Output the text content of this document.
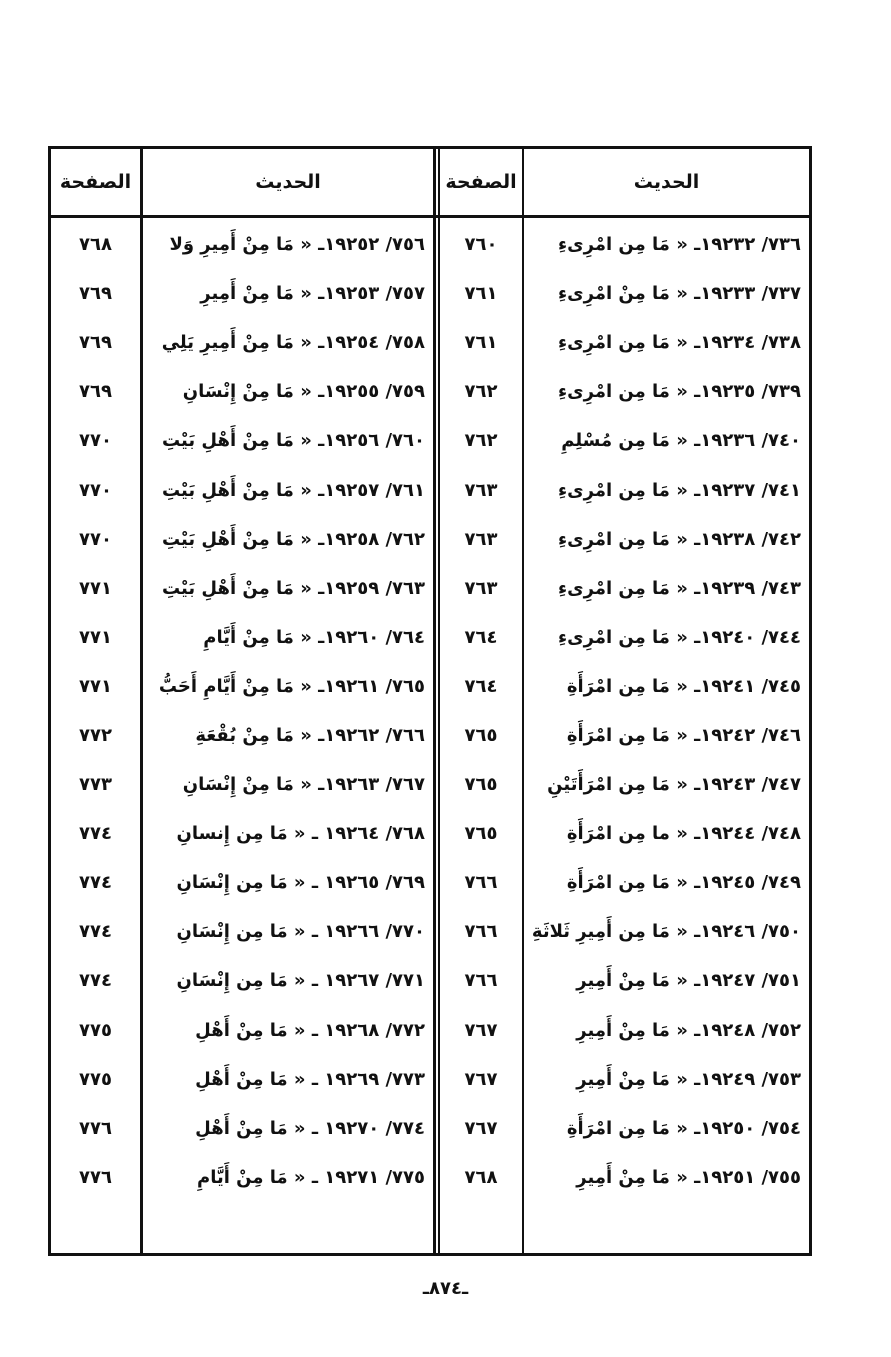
الحديث
الصفحة
الحديث
الصفحة
٧٣٦/ ١٩٢٣٢ـ « مَا مِن امْرِىءِ
٧٦٠
٧٥٦/ ١٩٢٥٢ـ « مَا مِنْ أَمِيرِ وَلا
٧٦٨
٧٣٧/ ١٩٢٣٣ـ « مَا مِنْ امْرِىءِ
٧٦١
٧٥٧/ ١٩٢٥٣ـ « مَا مِنْ أَمِيرِ
٧٦٩
٧٣٨/ ١٩٢٣٤ـ « مَا مِن امْرِىءِ
٧٦١
٧٥٨/ ١٩٢٥٤ـ « مَا مِنْ أَمِيرِ يَلِي
٧٦٩
٧٣٩/ ١٩٢٣٥ـ « مَا مِن امْرِىءِ
٧٦٢
٧٥٩/ ١٩٢٥٥ـ « مَا مِنْ إِنْسَانِ
٧٦٩
٧٤٠/ ١٩٢٣٦ـ « مَا مِن مُسْلِمِ
٧٦٢
٧٦٠/ ١٩٢٥٦ـ « مَا مِنْ أَهْلِ بَيْتِ
٧٧٠
٧٤١/ ١٩٢٣٧ـ « مَا مِن امْرِىءِ
٧٦٣
٧٦١/ ١٩٢٥٧ـ « مَا مِنْ أَهْلِ بَيْتِ
٧٧٠
٧٤٢/ ١٩٢٣٨ـ « مَا مِن امْرِىءِ
٧٦٣
٧٦٢/ ١٩٢٥٨ـ « مَا مِنْ أَهْلِ بَيْتِ
٧٧٠
٧٤٣/ ١٩٢٣٩ـ « مَا مِن امْرِىءِ
٧٦٣
٧٦٣/ ١٩٢٥٩ـ « مَا مِنْ أَهْلِ بَيْتِ
٧٧١
٧٤٤/ ١٩٢٤٠ـ « مَا مِن امْرِىءِ
٧٦٤
٧٦٤/ ١٩٢٦٠ـ « مَا مِنْ أَيَّامِ
٧٧١
٧٤٥/ ١٩٢٤١ـ « مَا مِن امْرَأَةِ
٧٦٤
٧٦٥/ ١٩٢٦١ـ « مَا مِنْ أَيَّامِ أَحَبُّ
٧٧١
٧٤٦/ ١٩٢٤٢ـ « مَا مِن امْرَأَةِ
٧٦٥
٧٦٦/ ١٩٢٦٢ـ « مَا مِنْ بُقْعَةِ
٧٧٢
٧٤٧/ ١٩٢٤٣ـ « مَا مِن امْرَأَتَيْنِ
٧٦٥
٧٦٧/ ١٩٢٦٣ـ « مَا مِنْ إِنْسَانِ
٧٧٣
٧٤٨/ ١٩٢٤٤ـ « ما مِن امْرَأَةِ
٧٦٥
٧٦٨/ ١٩٢٦٤ ـ « مَا مِن إِنسانِ
٧٧٤
٧٤٩/ ١٩٢٤٥ـ « مَا مِن امْرَأَةِ
٧٦٦
٧٦٩/ ١٩٢٦٥ ـ « مَا مِن إِنْسَانِ
٧٧٤
٧٥٠/ ١٩٢٤٦ـ « مَا مِن أَمِيرِ ثَلاثَةِ
٧٦٦
٧٧٠/ ١٩٢٦٦ ـ « مَا مِن إِنْسَانِ
٧٧٤
٧٥١/ ١٩٢٤٧ـ « مَا مِنْ أَمِيرِ
٧٦٦
٧٧١/ ١٩٢٦٧ ـ « مَا مِن إِنْسَانِ
٧٧٤
٧٥٢/ ١٩٢٤٨ـ « مَا مِنْ أَمِيرِ
٧٦٧
٧٧٢/ ١٩٢٦٨ ـ « مَا مِنْ أَهْلِ
٧٧٥
٧٥٣/ ١٩٢٤٩ـ « مَا مِنْ أَمِيرِ
٧٦٧
٧٧٣/ ١٩٢٦٩ ـ « مَا مِنْ أَهْلِ
٧٧٥
٧٥٤/ ١٩٢٥٠ـ « مَا مِن امْرَأَةِ
٧٦٧
٧٧٤/ ١٩٢٧٠ ـ « مَا مِنْ أَهْلِ
٧٧٦
٧٥٥/ ١٩٢٥١ـ « مَا مِنْ أَمِيرِ
٧٦٨
٧٧٥/ ١٩٢٧١ ـ « مَا مِنْ أَيَّامِ
٧٧٦
ـ٨٧٤ـ
